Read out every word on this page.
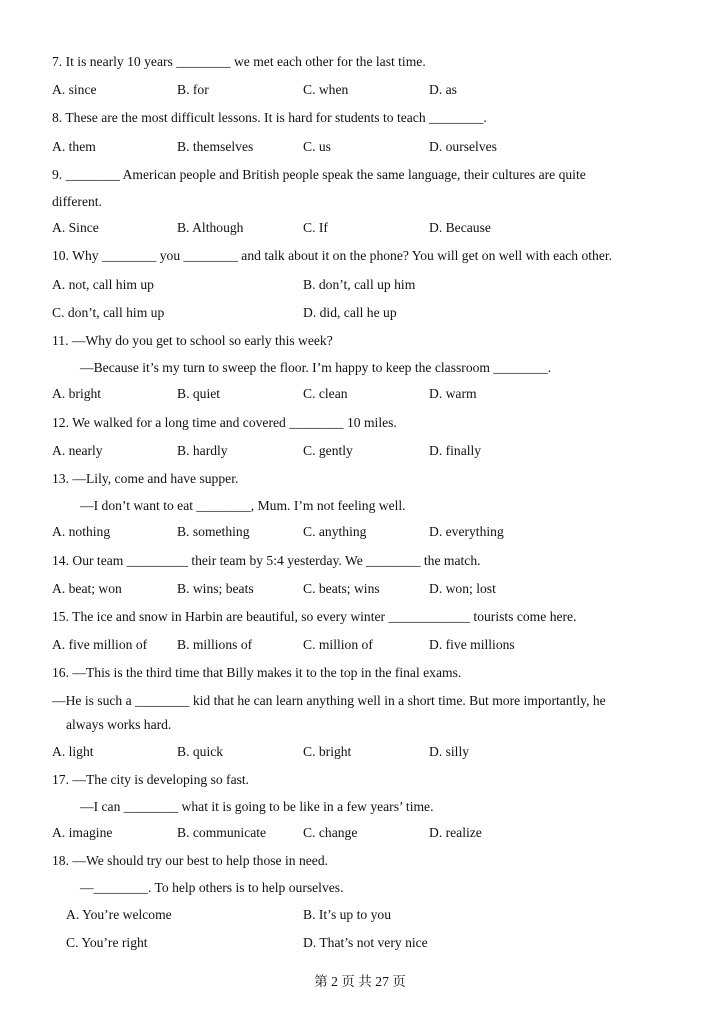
7. It is nearly 10 years ________ we met each other for the last time.
A. since	B. for	C. when	D. as
8. These are the most difficult lessons. It is hard for students to teach ________.
A. them	B. themselves	C. us	D. ourselves
9. ________ American people and British people speak the same language, their cultures are quite
different.
A. Since	B. Although	C. If	D. Because
10. Why ________ you ________ and talk about it on the phone? You will get on well with each other.
A. not, call him up	B. don’t, call up him
C. don’t, call him up	D. did, call he up
11. —Why do you get to school so early this week?
—Because it’s my turn to sweep the floor. I’m happy to keep the classroom ________.
A. bright	B. quiet	C. clean	D. warm
12. We walked for a long time and covered ________ 10 miles.
A. nearly	B. hardly	C. gently	D. finally
13. —Lily, come and have supper.
—I don’t want to eat ________, Mum. I’m not feeling well.
A. nothing	B. something	C. anything	D. everything
14. Our team _________ their team by 5:4 yesterday. We ________ the match.
A. beat; won	B. wins; beats	C. beats; wins	D. won; lost
15. The ice and snow in Harbin are beautiful, so every winter ____________ tourists come here.
A. five million of B. millions of	C. million of	D. five millions
16. —This is the third time that Billy makes it to the top in the final exams.
—He is such a ________ kid that he can learn anything well in a short time. But more importantly, he
always works hard.
A. light	B. quick	C. bright	D. silly
17. —The city is developing so fast.
—I can ________ what it is going to be like in a few years’ time.
A. imagine	B. communicate	C. change	D. realize
18. —We should try our best to help those in need.
—________. To help others is to help ourselves.
A. You’re welcome	B. It’s up to you
C. You’re right	D. That’s not very nice
第 2 页 共 27 页
